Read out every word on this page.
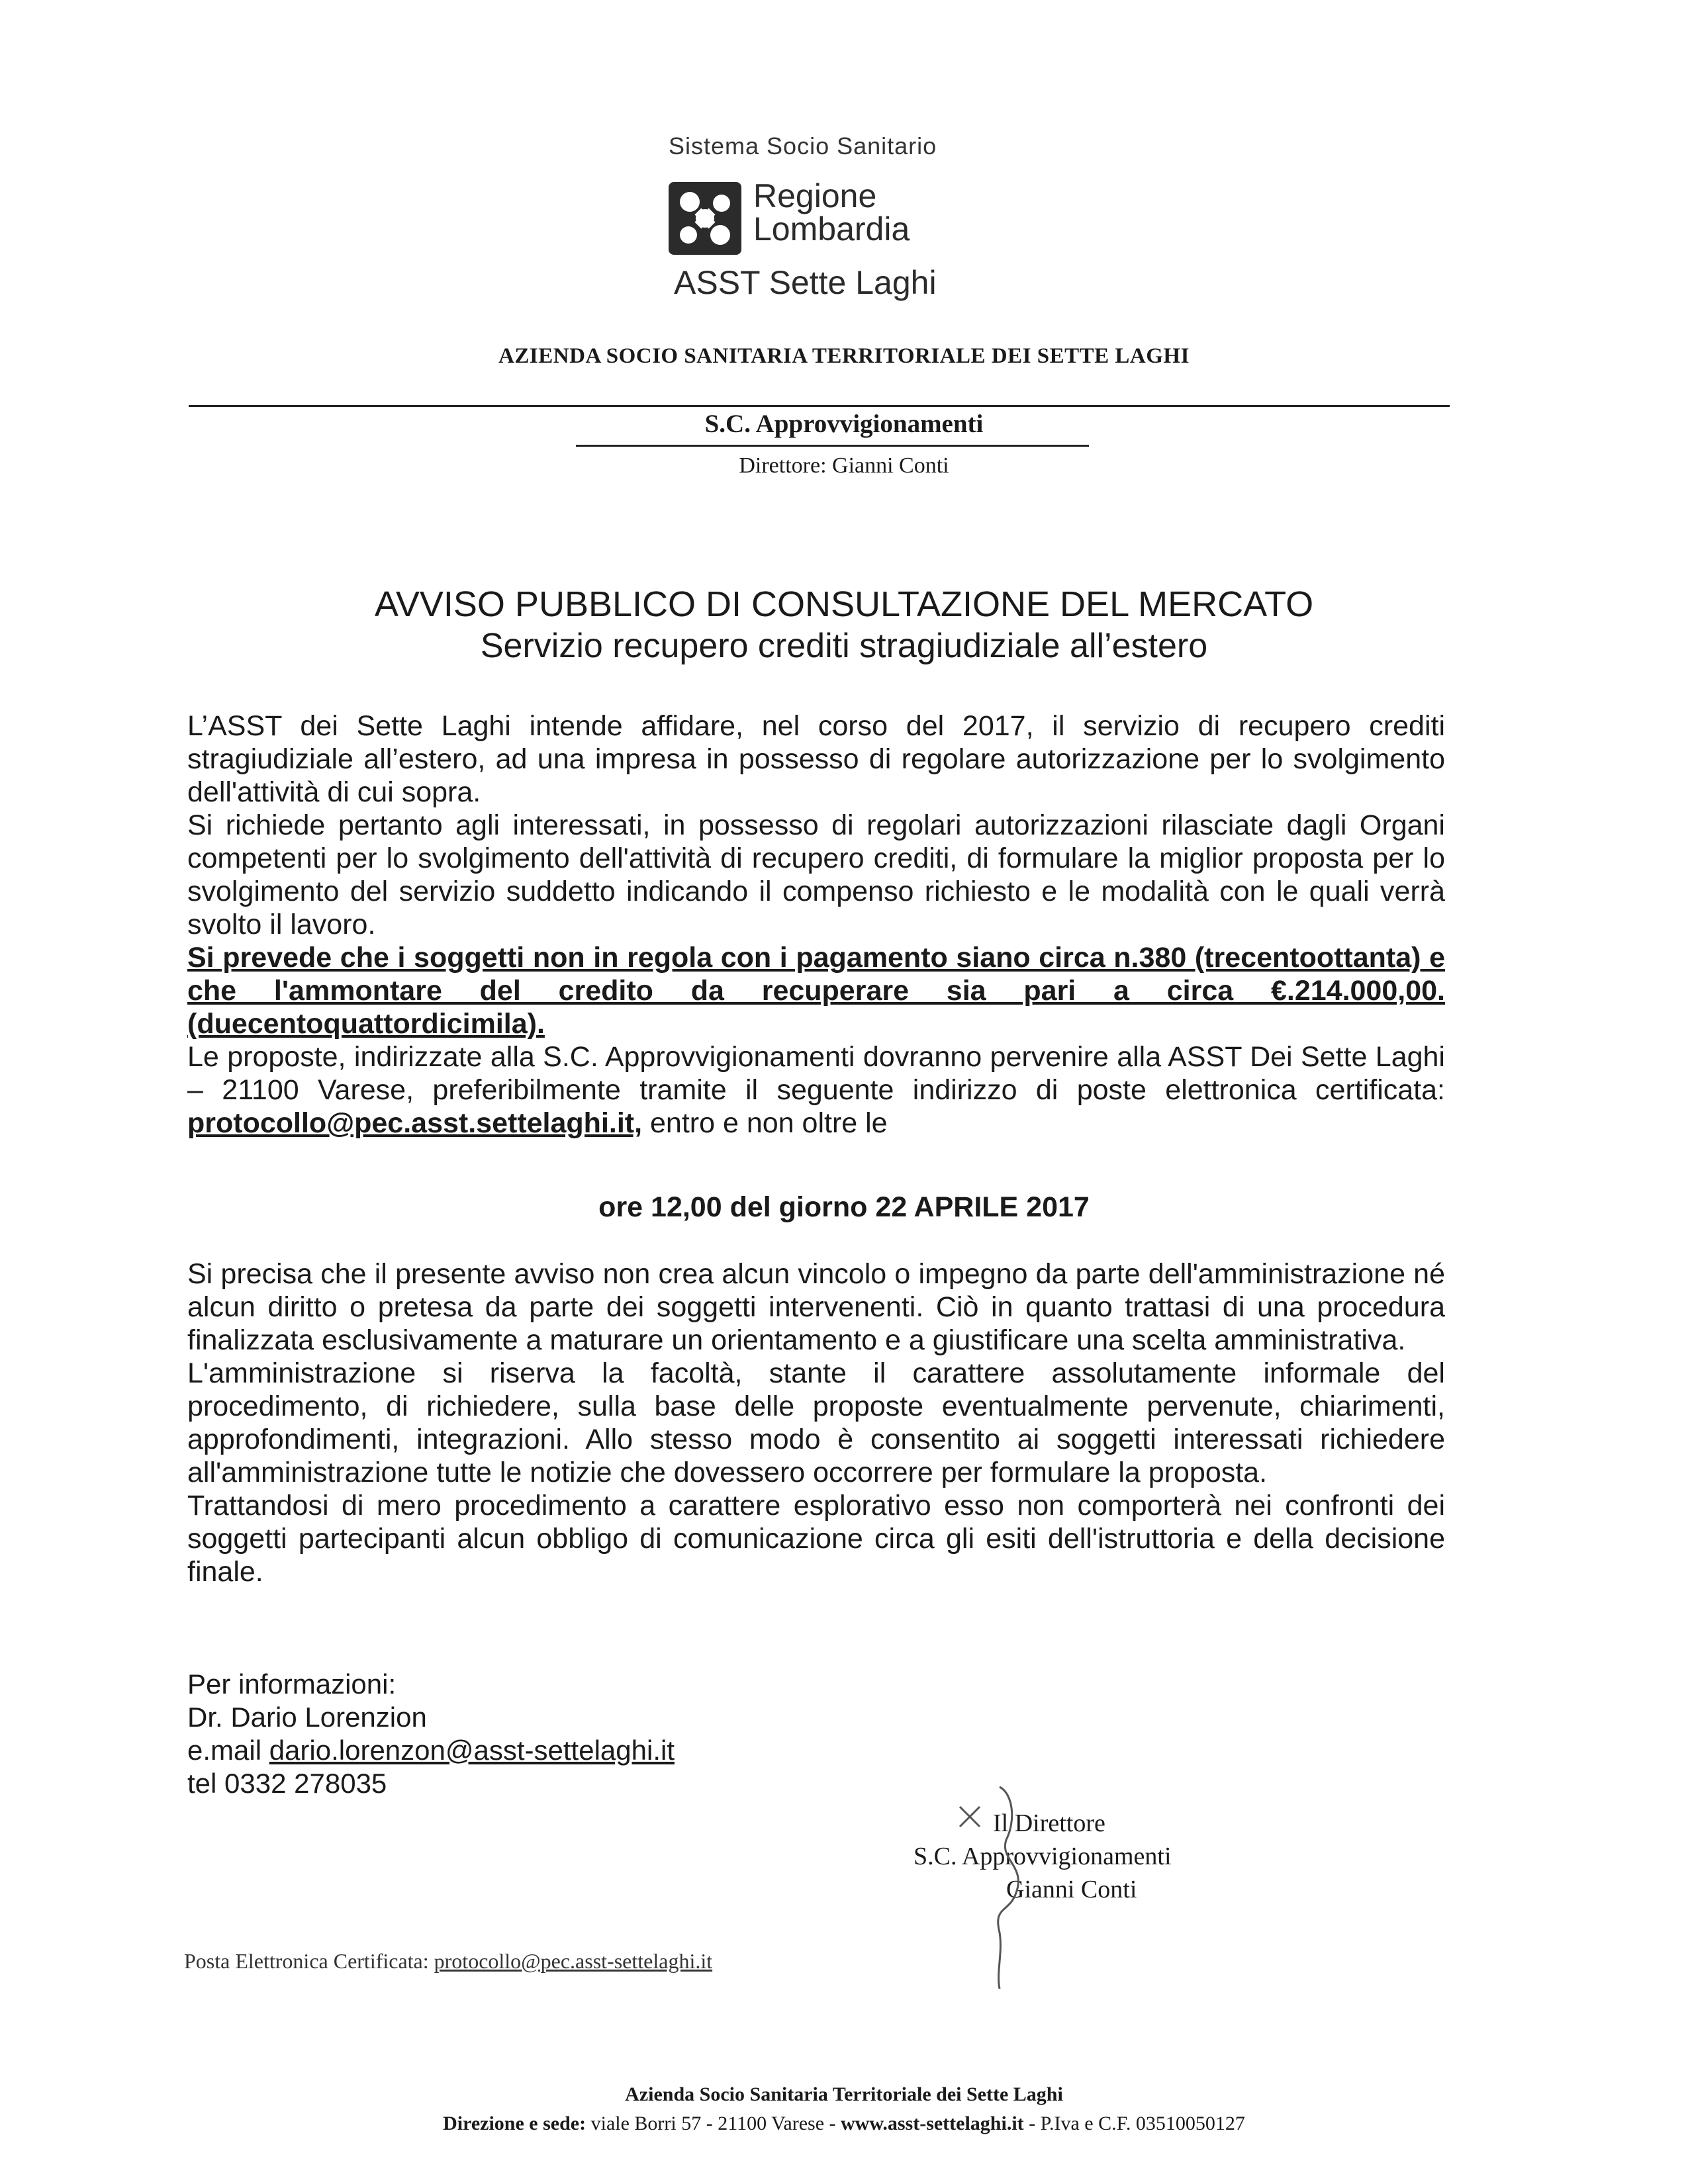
Sistema Socio Sanitario
Regione
Lombardia
ASST Sette Laghi
AZIENDA SOCIO SANITARIA TERRITORIALE DEI SETTE LAGHI
S.C. Approvvigionamenti
Direttore: Gianni Conti
AVVISO PUBBLICO DI CONSULTAZIONE DEL MERCATO
Servizio recupero crediti stragiudiziale all’estero

L’ASST dei Sette Laghi intende affidare, nel corso del 2017, il servizio di recupero crediti stragiudiziale all’estero, ad una impresa in possesso di regolare autorizzazione per lo svolgimento dell'attività di cui sopra.

Si richiede pertanto agli interessati, in possesso di regolari autorizzazioni rilasciate dagli Organi competenti per lo svolgimento dell'attività di recupero crediti, di formulare la miglior proposta per lo svolgimento del servizio suddetto indicando il compenso richiesto e le modalità con le quali verrà svolto il lavoro.

Si prevede che i soggetti non in regola con i pagamento siano circa n.380 (trecentoottanta) e che l'ammontare del credito da recuperare sia pari a circa €.214.000,00.(duecentoquattordicimila).

Le proposte, indirizzate alla S.C. Approvvigionamenti dovranno pervenire alla ASST Dei Sette Laghi – 21100 Varese, preferibilmente tramite il seguente indirizzo di poste elettronica certificata: protocollo@pec.asst.settelaghi.it, entro e non oltre le

ore 12,00 del giorno 22 APRILE 2017

Si precisa che il presente avviso non crea alcun vincolo o impegno da parte dell'amministrazione né alcun diritto o pretesa da parte dei soggetti intervenenti. Ciò in quanto trattasi di una procedura finalizzata esclusivamente a maturare un orientamento e a giustificare una scelta amministrativa.

L'amministrazione si riserva la facoltà, stante il carattere assolutamente informale del procedimento, di richiedere, sulla base delle proposte eventualmente pervenute, chiarimenti, approfondimenti, integrazioni. Allo stesso modo è consentito ai soggetti interessati richiedere all'amministrazione tutte le notizie che dovessero occorrere per formulare la proposta.

Trattandosi di mero procedimento a carattere esplorativo esso non comporterà nei confronti dei soggetti partecipanti alcun obbligo di comunicazione circa gli esiti dell'istruttoria e della decisione finale.

Per informazioni:
Dr. Dario Lorenzion
e.mail dario.lorenzon@asst-settelaghi.it
tel 0332 278035
Il Direttore
S.C. Approvvigionamenti
Gianni Conti
Posta Elettronica Certificata: protocollo@pec.asst-settelaghi.it
Azienda Socio Sanitaria Territoriale dei Sette Laghi
Direzione e sede: viale Borri 57 - 21100 Varese - www.asst-settelaghi.it - P.Iva e C.F. 03510050127
